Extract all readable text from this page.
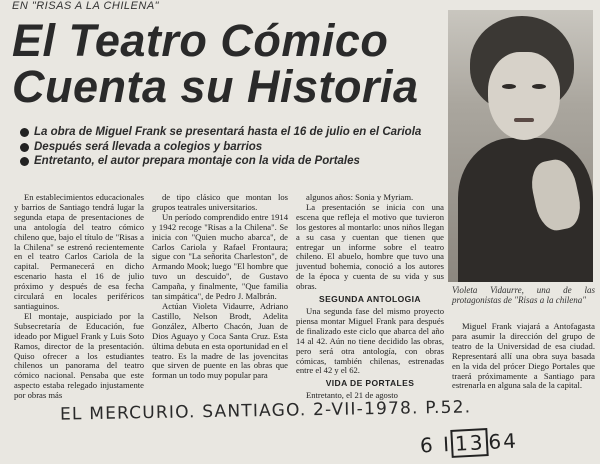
EN "RISAS A LA CHILENA"
El Teatro Cómico
Cuenta su Historia
La obra de Miguel Frank se presentará hasta el 16 de julio en el Cariola
Después será llevada a colegios y barrios
Entretanto, el autor prepara montaje con la vida de Portales
Violeta Vidaurre, una de las protagonistas de "Risas a la chilena"

En establecimientos educacionales y barrios de Santiago tendrá lugar la segunda etapa de presentaciones de una antología del teatro cómico chileno que, bajo el título de "Risas a la Chilena" se estrenó recientemente en el teatro Carlos Cariola de la capital. Permanecerá en dicho escenario hasta el 16 de julio próximo y después de esa fecha circulará en locales periféricos santiaguinos.

El montaje, auspiciado por la Subsecretaría de Educación, fue ideado por Miguel Frank y Luis Soto Ramos, director de la presentación. Quiso ofrecer a los estudiantes chilenos un panorama del teatro cómico nacional. Pensaba que este aspecto estaba relegado injustamente por obras más

de tipo clásico que montan los grupos teatrales universitarios.

Un período comprendido entre 1914 y 1942 recoge "Risas a la Chilena". Se inicia con "Quien mucho abarca", de Carlos Cariola y Rafael Frontaura; sigue con "La señorita Charleston", de Armando Mook; luego "El hombre que tuvo un descuido", de Gustavo Campaña, y finalmente, "Que familia tan simpática", de Pedro J. Malbrán.

Actúan Violeta Vidaurre, Adriano Castillo, Nelson Brodt, Adelita González, Alberto Chacón, Juan de Dios Aguayo y Coca Santa Cruz. Esta última debuta en esta oportunidad en el teatro. Es la madre de las jovencitas que sirven de puente en las obras que forman un todo muy popular para

algunos años: Sonia y Myriam.

La presentación se inicia con una escena que refleja el motivo que tuvieron los gestores al montarlo: unos niños llegan a su casa y cuentan que tienen que entregar un informe sobre el teatro chileno. El abuelo, hombre que tuvo una juventud bohemia, conoció a los autores de la época y cuenta de su vida y sus obras.

SEGUNDA ANTOLOGIA

Una segunda fase del mismo proyecto piensa montar Miguel Frank para después de finalizado este ciclo que abarca del año 14 al 42. Aún no tiene decidido las obras, pero será otra antología, con obras cómicas, también chilenas, estrenadas entre el 42 y el 62.

VIDA DE PORTALES

Entretanto, el 21 de agosto

Miguel Frank viajará a Antofagasta para asumir la dirección del grupo de teatro de la Universidad de esa ciudad. Representará allí una obra suya basada en la vida del prócer Diego Portales que traerá próximamente a Santiago para estrenarla en alguna sala de la capital.

EL MERCURIO. SANTIAGO. 2-VII-1978. P.52.
6 I 13 64
